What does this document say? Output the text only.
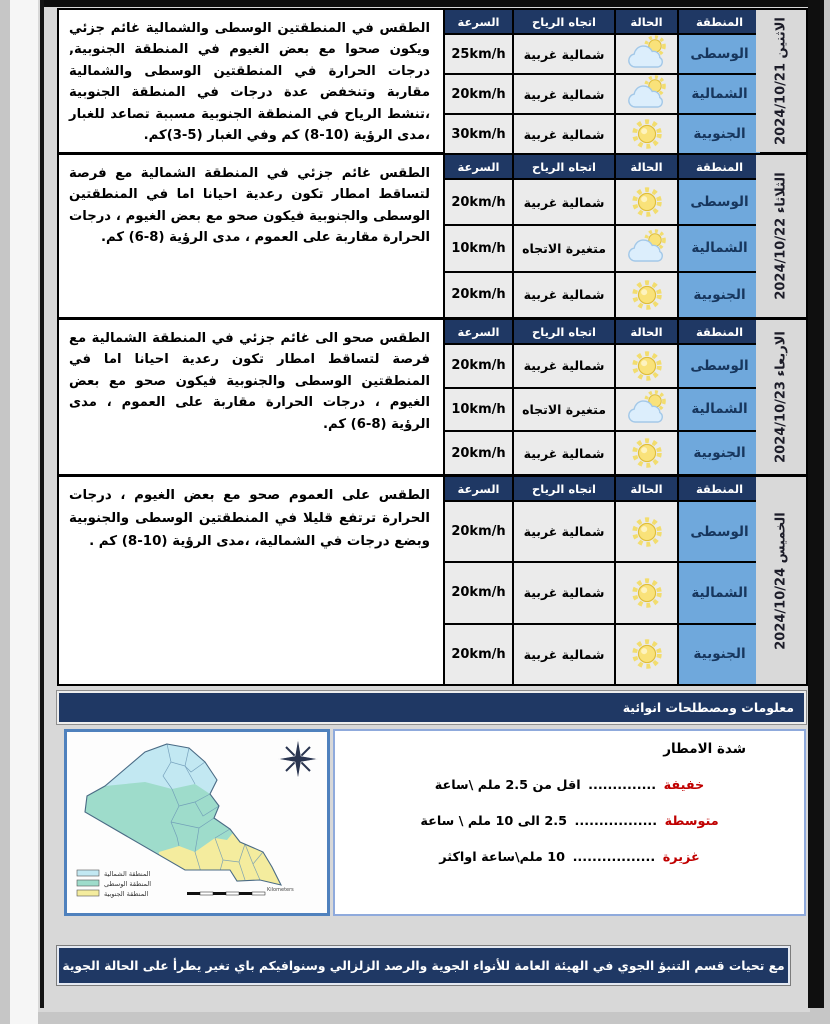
الطقس في المنطقتين الوسطى والشمالية غائم جزئي ويكون صحوا مع بعض الغيوم في المنطقة الجنوبية, درجات الحرارة في المنطقتين الوسطى والشمالية مقاربة وتنخفض عدة درجات في المنطقة الجنوبية ،تنشط الرياح في المنطقة الجنوبية مسببة تصاعد للغبار ،مدى الرؤية (10-8) كم وفي الغبار (5-3)كم.
السرعة	اتجاه الرياح	الحالة	المنطقة
25km/h	شمالية غربية	الوسطى
20km/h	شمالية غربية	الشمالية
30km/h	شمالية غربية	الجنوبية
الاثنين 2024/10/21
الطقس غائم جزئي في المنطقة الشمالية مع فرصة لتساقط امطار تكون رعدية احيانا اما في المنطقتين الوسطى والجنوبية فيكون صحو مع بعض الغيوم ، درجات الحرارة مقاربة على العموم ، مدى الرؤية (8-6) كم.
السرعة	اتجاه الرياح	الحالة	المنطقة
20km/h	شمالية غربية	الوسطى
10km/h	متغيرة الاتجاه	الشمالية
20km/h	شمالية غربية	الجنوبية
الثلاثاء 2024/10/22
الطقس صحو الى غائم جزئي في المنطقة الشمالية مع فرصة لتساقط امطار تكون رعدية احيانا اما في المنطقتين الوسطى والجنوبية فيكون صحو مع بعض الغيوم ، درجات الحرارة مقاربة على العموم ، مدى الرؤية (8-6) كم.
السرعة	اتجاه الرياح	الحالة	المنطقة
20km/h	شمالية غربية	الوسطى
10km/h	متغيرة الاتجاه	الشمالية
20km/h	شمالية غربية	الجنوبية
الاربعاء 2024/10/23
الطقس على العموم صحو مع بعض الغيوم ، درجات الحرارة ترتفع قليلا في المنطقتين الوسطى والجنوبية وبضع درجات في الشمالية، ،مدى الرؤية (10-8) كم .
السرعة	اتجاه الرياح	الحالة	المنطقة
20km/h	شمالية غربية	الوسطى
20km/h	شمالية غربية	الشمالية
20km/h	شمالية غربية	الجنوبية
الخميس 2024/10/24
معلومات ومصطلحات انوائية
المنطقة الشمالية
المنطقة الوسطى
المنطقة الجنوبية	Kilometers
شدة الامطار
خفيفة .............. اقل من 2.5 ملم \ساعة
متوسطة ................. 2.5 الى 10 ملم \ ساعة
غزيرة ................. 10 ملم\ساعة اواكثر
مع تحيات قسم التنبؤ الجوي في الهيئة العامة للأنواء الجوية والرصد الزلزالي وسنوافيكم باي تغير يطرأ على الحالة الجوية
